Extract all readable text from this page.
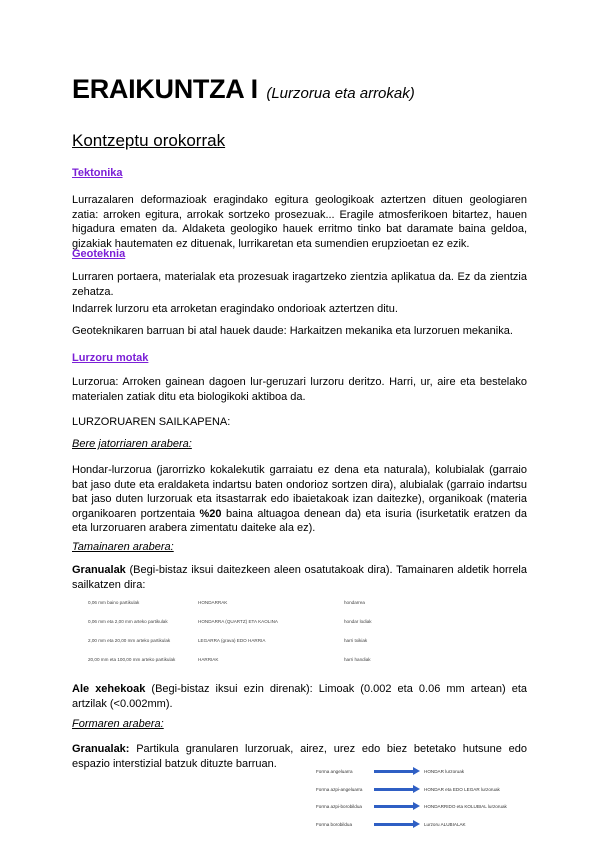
ERAIKUNTZA I (Lurzorua eta arrokak)
Kontzeptu orokorrak
Tektonika
Lurrazalaren deformazioak eragindako egitura geologikoak aztertzen dituen geologiaren zatia: arroken egitura, arrokak sortzeko prosezuak... Eragile atmosferikoen bitartez, hauen higadura ematen da. Aldaketa geologiko hauek erritmo tinko bat daramate baina geldoa, gizakiak hautematen ez dituenak, lurrikaretan eta sumendien erupzioetan ez ezik.
Geoteknia
Lurraren portaera, materialak eta prozesuak iragartzeko zientzia aplikatua da. Ez da zientzia zehatza.
Indarrek lurzoru eta arroketan eragindako ondorioak aztertzen ditu.
Geoteknikaren barruan bi atal hauek daude: Harkaitzen mekanika eta lurzoruen mekanika.
Lurzoru motak
Lurzorua: Arroken gainean dagoen lur-geruzari lurzoru deritzo. Harri, ur, aire eta bestelako materialen zatiak ditu eta biologikoki aktiboa da.
LURZORUAREN SAILKAPENA:
Bere jatorriaren arabera:
Hondar-lurzorua (jarorrizko kokalekutik garraiatu ez dena eta naturala), kolubialak (garraio bat jaso dute eta eraldaketa indartsu baten ondorioz sortzen dira), alubialak (garraio indartsu bat jaso duten lurzoruak eta itsastarrak edo ibaietakoak izan daitezke), organikoak (materia organikoaren portzentaia %20 baina altuagoa denean da) eta isuria (isurketatik eratzen da eta lurzoruaren arabera zimentatu daiteke ala ez).
Tamainaren arabera:
Granualak (Begi-bistaz iksui daitezkeen aleen osatutakoak dira). Tamainaren aldetik horrela sailkatzen dira:
0,06 mm baino partikulak	HONDARRAK	hondarrea
0,06 mm eta 2,00 mm arteko partikulak	HONDARRA (QUARTZ) ETA KAOLINA	hondar lodiak
2,00 mm eta 20,00 mm arteko partikulak	LEGARRA (grava) EDO HARRIA	harri txikiak
20,00 mm eta 100,00 mm arteko partikulak	HARRIAK	harri handiak
Ale xehekoak (Begi-bistaz iksui ezin direnak): Limoak (0.002 eta 0.06 mm artean) eta artzilak (<0.002mm).
Formaren arabera:
Granualak: Partikula granularen lurzoruak, airez, urez edo biez betetako hutsune edo espazio interstizial batzuk dituzte barruan.
Forma angeluarra	HONDAR lurzoruak
Forma azpi-angeluarra	HONDAR eta EDO LEGAR lurzoruak
Forma azpi-borobildua	HONDARRIDO eta KOLUBIAL lurzoruak
Forma borobildua	Lurzoru ALUBIALAK
